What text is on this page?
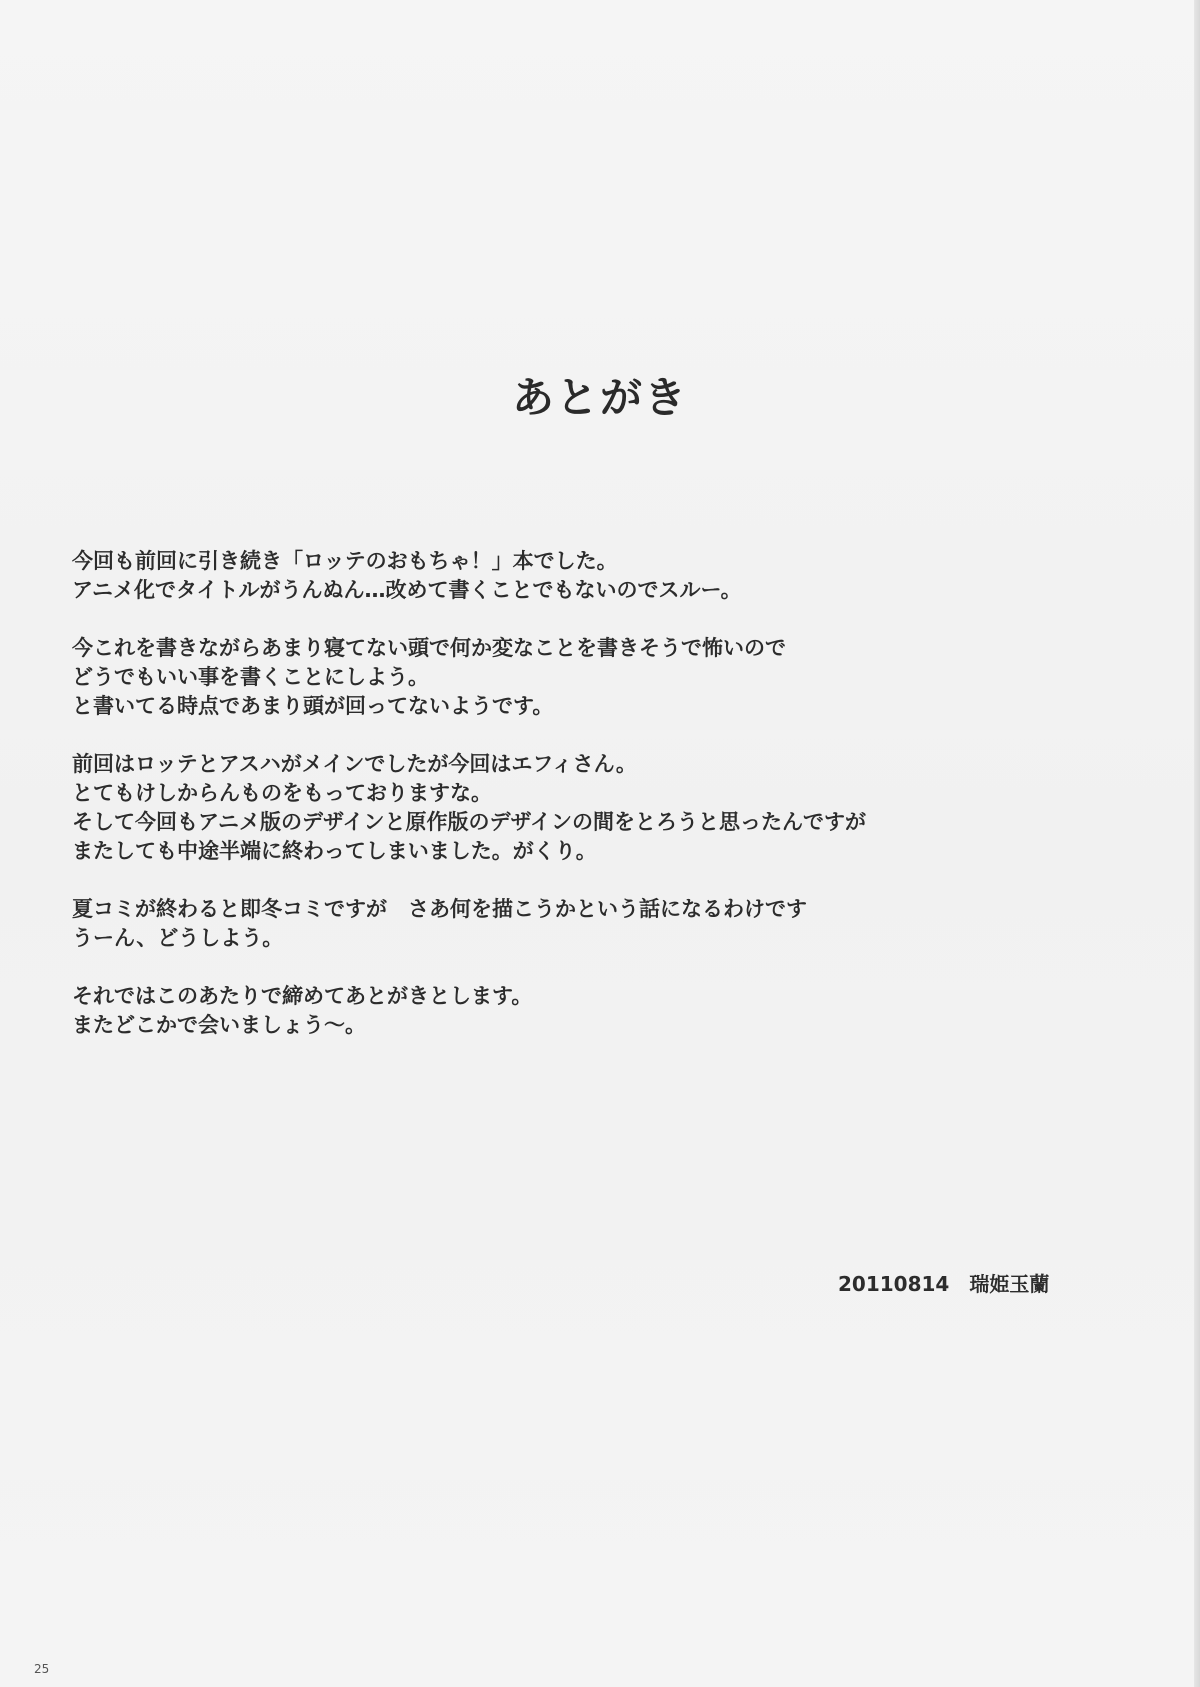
あとがき

今回も前回に引き続き「ロッテのおもちゃ！」本でした。
アニメ化でタイトルがうんぬん…改めて書くことでもないのでスルー。

今これを書きながらあまり寝てない頭で何か変なことを書きそうで怖いので
どうでもいい事を書くことにしよう。
と書いてる時点であまり頭が回ってないようです。

前回はロッテとアスハがメインでしたが今回はエフィさん。
とてもけしからんものをもっておりますな。
そして今回もアニメ版のデザインと原作版のデザインの間をとろうと思ったんですが
またしても中途半端に終わってしまいました。がくり。

夏コミが終わると即冬コミですが　さあ何を描こうかという話になるわけです
うーん、どうしよう。

それではこのあたりで締めてあとがきとします。
またどこかで会いましょう～。

20110814　瑞姫玉蘭
25
